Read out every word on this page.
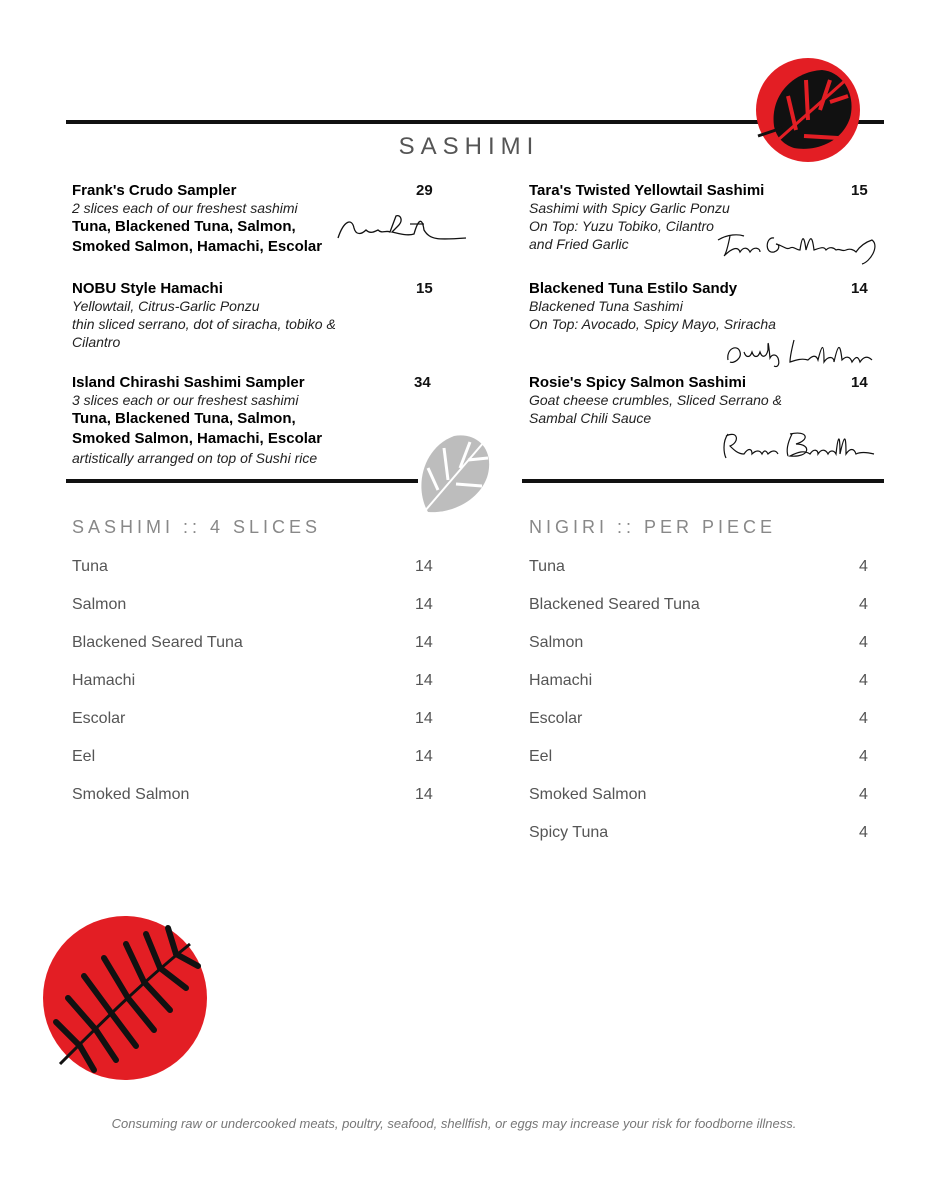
SASHIMI
Frank's Crudo Sampler	29
2 slices each of our freshest sashimi
Tuna, Blackened Tuna, Salmon,
Smoked Salmon, Hamachi, Escolar
Frank R
NOBU Style Hamachi	15
Yellowtail, Citrus-Garlic Ponzu
thin sliced serrano, dot of siracha, tobiko &
Cilantro
Island Chirashi Sashimi Sampler	34
3 slices each or our freshest sashimi
Tuna, Blackened Tuna, Salmon,
Smoked Salmon, Hamachi, Escolar
artistically arranged on top of Sushi rice
Tara's Twisted Yellowtail Sashimi	15
Sashimi with Spicy Garlic Ponzu
On Top: Yuzu Tobiko, Cilantro
and Fried Garlic
Tara Gallaspy
Blackened Tuna Estilo Sandy	14
Blackened Tuna Sashimi
On Top: Avocado, Spicy Mayo, Sriracha
Sandy LeBlanc
Rosie's Spicy Salmon Sashimi	14
Goat cheese crumbles, Sliced Serrano &
Sambal Chili Sauce	Rosie Bonilla
SASHIMI :: 4 SLICES
Tuna	14
Salmon	14
Blackened Seared Tuna	14
Hamachi	14
Escolar	14
Eel	14
Smoked Salmon	14
NIGIRI :: PER PIECE
Tuna	4
Blackened Seared Tuna	4
Salmon	4
Hamachi	4
Escolar	4
Eel	4
Smoked Salmon	4
Spicy Tuna	4
Consuming raw or undercooked meats, poultry, seafood, shellfish, or eggs may increase your risk for foodborne illness.
